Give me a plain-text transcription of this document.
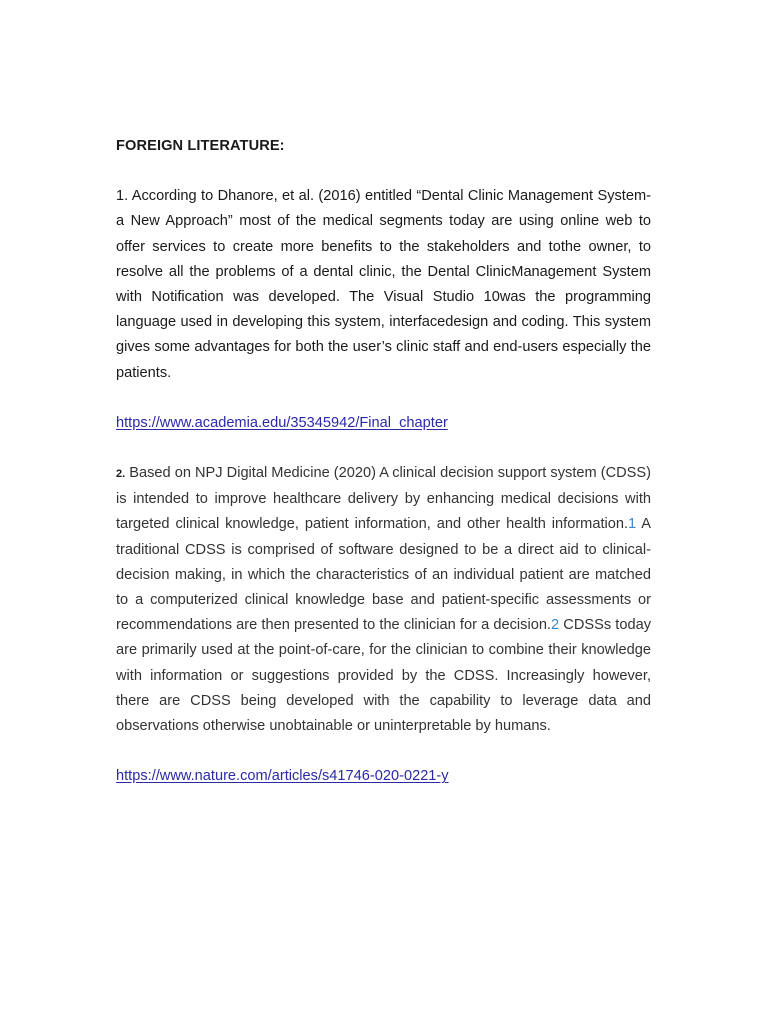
FOREIGN LITERATURE:

1. According to Dhanore, et al. (2016) entitled “Dental Clinic Management System- a New Approach” most of the medical segments today are using online web to offer services to create more benefits to the stakeholders and tothe owner, to resolve all the problems of a dental clinic, the Dental ClinicManagement System with Notification was developed. The Visual Studio 10was the programming language used in developing this system, interfacedesign and coding. This system gives some advantages for both the user’s clinic staff and end-users especially the patients.

https://www.academia.edu/35345942/Final_chapter

2. Based on NPJ Digital Medicine (2020) A clinical decision support system (CDSS) is intended to improve healthcare delivery by enhancing medical decisions with targeted clinical knowledge, patient information, and other health information.1 A traditional CDSS is comprised of software designed to be a direct aid to clinical-decision making, in which the characteristics of an individual patient are matched to a computerized clinical knowledge base and patient-specific assessments or recommendations are then presented to the clinician for a decision.2 CDSSs today are primarily used at the point-of-care, for the clinician to combine their knowledge with information or suggestions provided by the CDSS. Increasingly however, there are CDSS being developed with the capability to leverage data and observations otherwise unobtainable or uninterpretable by humans.

https://www.nature.com/articles/s41746-020-0221-y
